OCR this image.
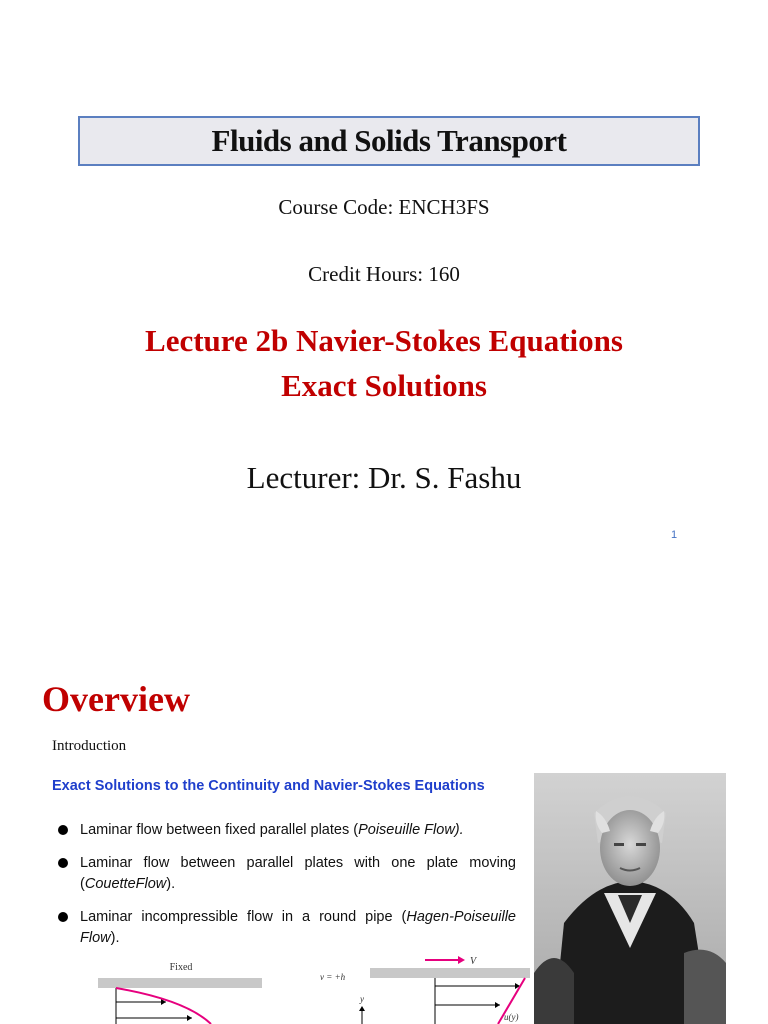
Fluids and Solids Transport
Course Code: ENCH3FS
Credit Hours: 160
Lecture 2b Navier-Stokes Equations
Exact Solutions
Lecturer: Dr. S. Fashu
1
Overview
Introduction
Exact Solutions to the Continuity and Navier-Stokes Equations
Laminar flow between fixed parallel plates (Poiseuille Flow).
Laminar flow between parallel plates with one plate moving (CouetteFlow).
Laminar incompressible flow in a round pipe (Hagen-Poiseuille Flow).
Fixed
v = +h
V
y
u(y)
